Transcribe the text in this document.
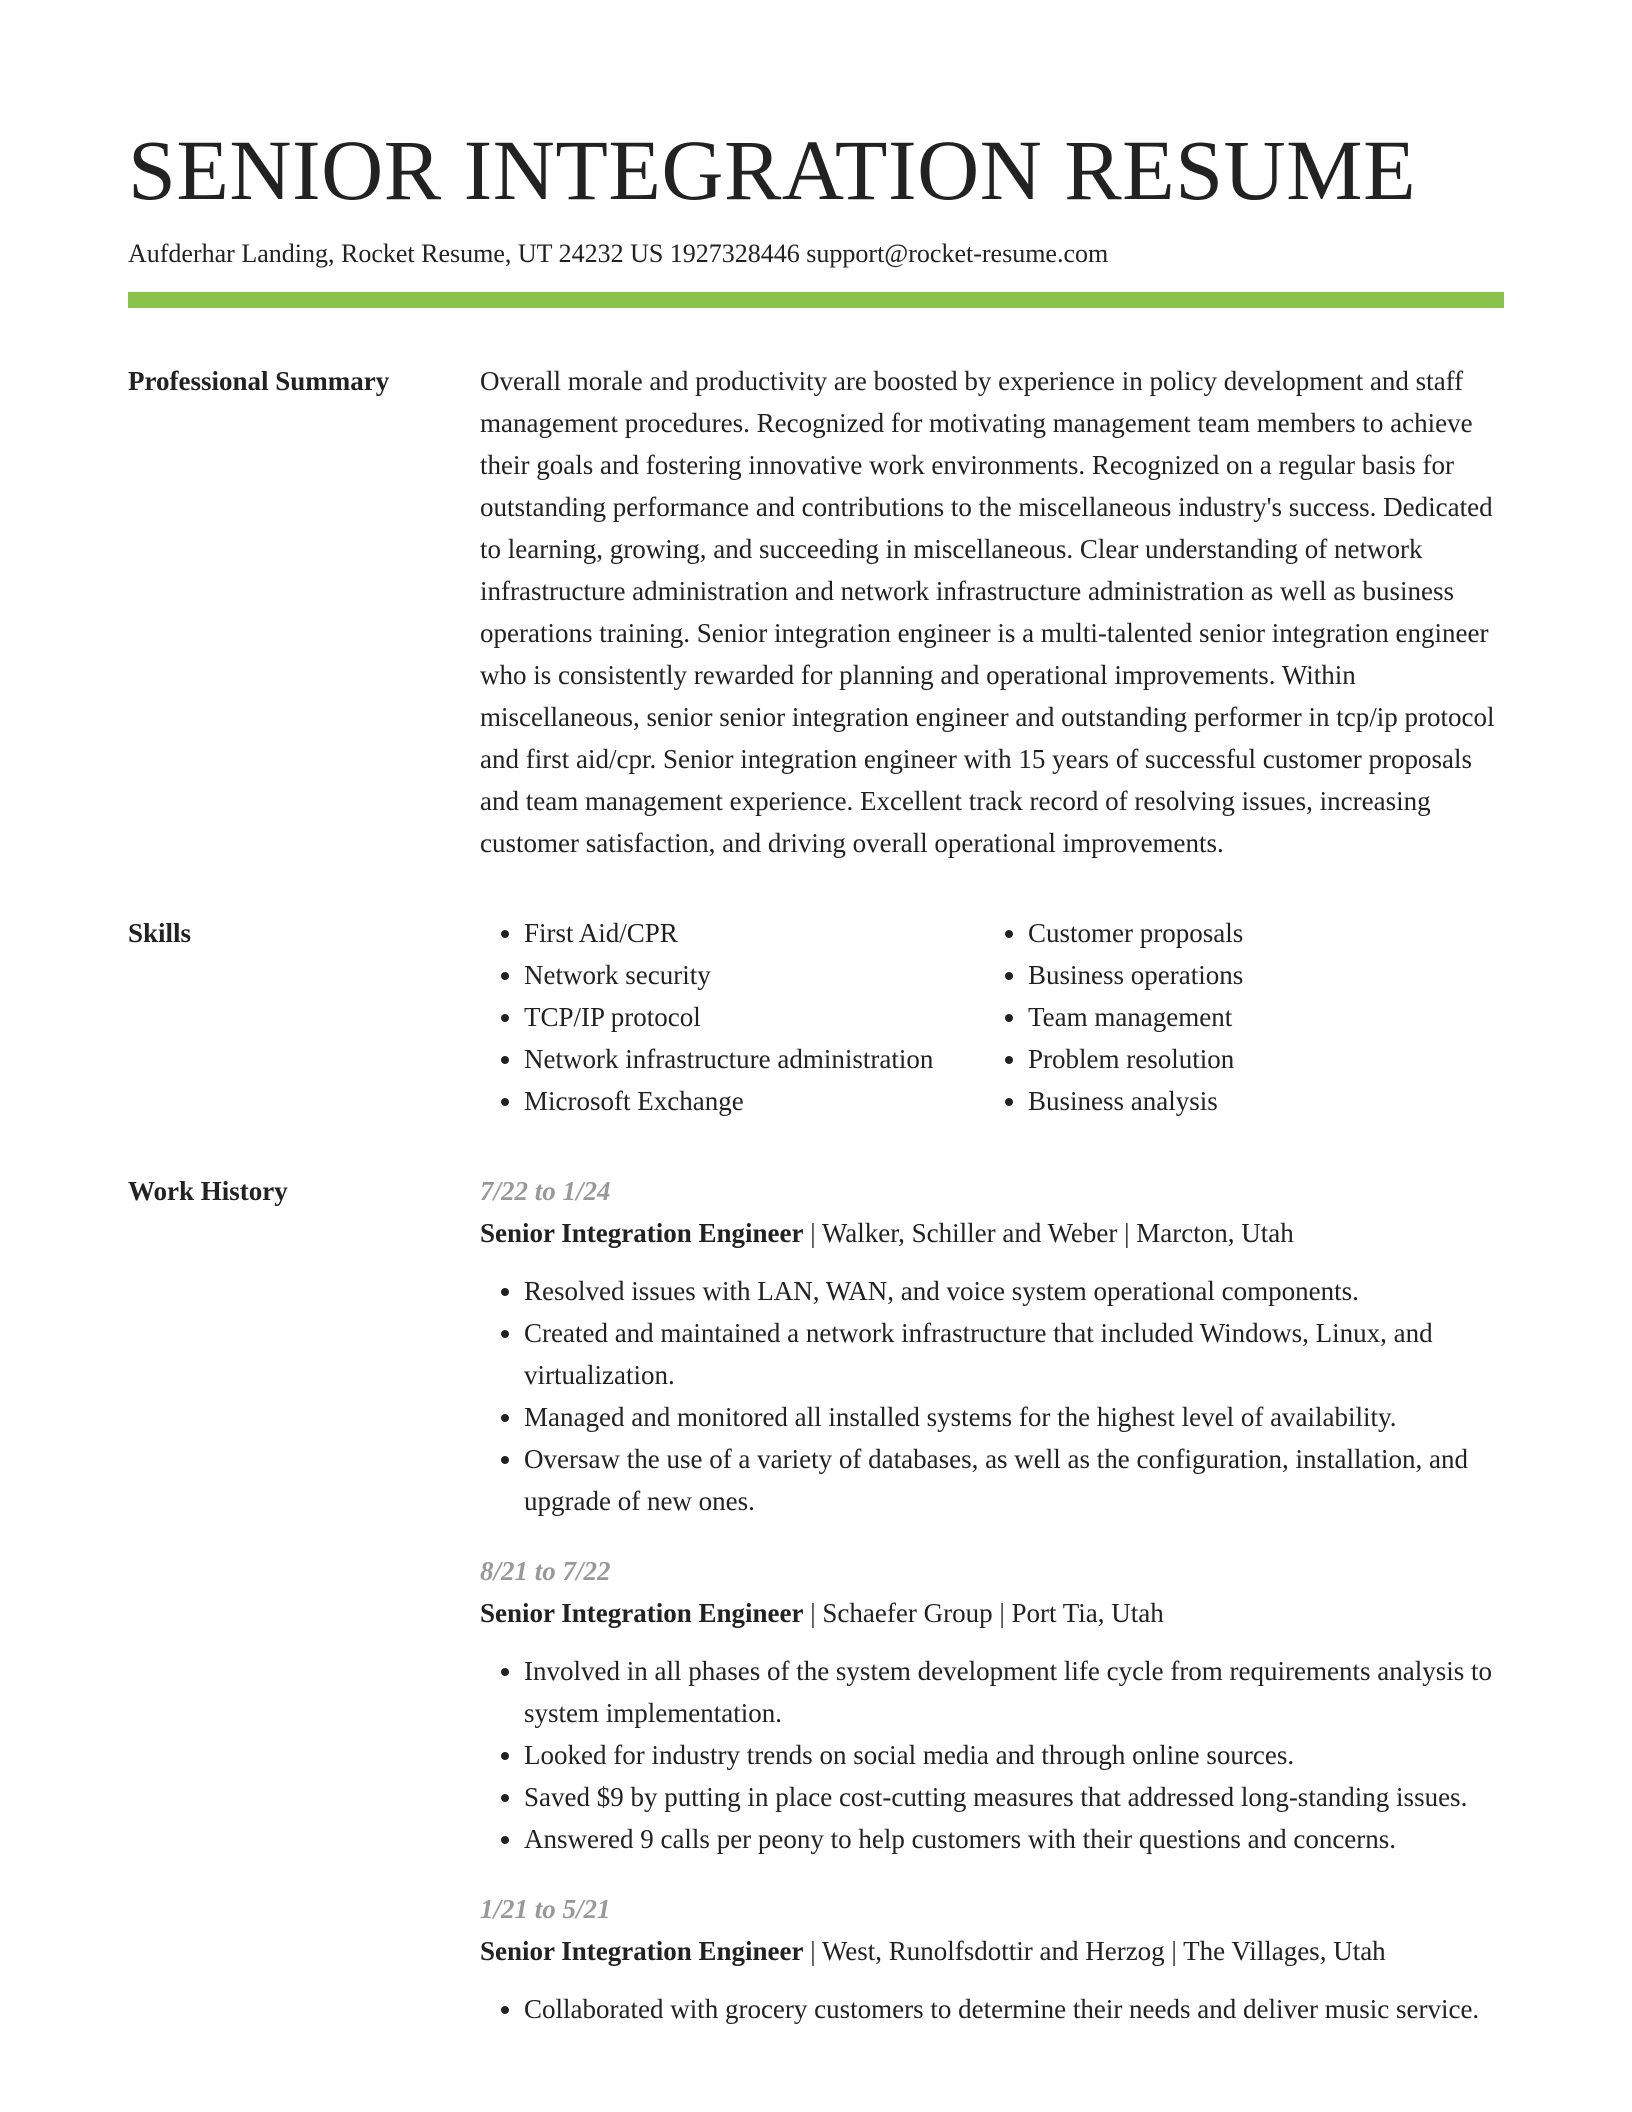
SENIOR INTEGRATION RESUME
Aufderhar Landing, Rocket Resume, UT 24232 US 1927328446 support@rocket-resume.com
Professional Summary	Overall morale and productivity are boosted by experience in policy development and staff management procedures. Recognized for motivating management team members to achieve their goals and fostering innovative work environments. Recognized on a regular basis for outstanding performance and contributions to the miscellaneous industry's success. Dedicated to learning, growing, and succeeding in miscellaneous. Clear understanding of network infrastructure administration and network infrastructure administration as well as business operations training. Senior integration engineer is a multi-talented senior integration engineer who is consistently rewarded for planning and operational improvements. Within miscellaneous, senior senior integration engineer and outstanding performer in tcp/ip protocol and first aid/cpr. Senior integration engineer with 15 years of successful customer proposals and team management experience. Excellent track record of resolving issues, increasing customer satisfaction, and driving overall operational improvements.

Skills
•	First Aid/CPR
• Network security
• TCP/IP protocol
• Network infrastructure administration
• Microsoft Exchange
• Customer proposals
• Business operations
• Team management
• Problem resolution
• Business analysis
Work History	7/22 to 1/24
Senior Integration Engineer | Walker, Schiller and Weber | Marcton, Utah
• Resolved issues with LAN, WAN, and voice system operational components.
• Created and maintained a network infrastructure that included Windows, Linux, and virtualization.
• Managed and monitored all installed systems for the highest level of availability.
• Oversaw the use of a variety of databases, as well as the configuration, installation, and upgrade of new ones.
8/21 to 7/22
Senior Integration Engineer | Schaefer Group | Port Tia, Utah
• Involved in all phases of the system development life cycle from requirements analysis to system implementation.
• Looked for industry trends on social media and through online sources.
• Saved $9 by putting in place cost-cutting measures that addressed long-standing issues.
• Answered 9 calls per peony to help customers with their questions and concerns.
1/21 to 5/21
Senior Integration Engineer | West, Runolfsdottir and Herzog | The Villages, Utah
• Collaborated with grocery customers to determine their needs and deliver music service.
